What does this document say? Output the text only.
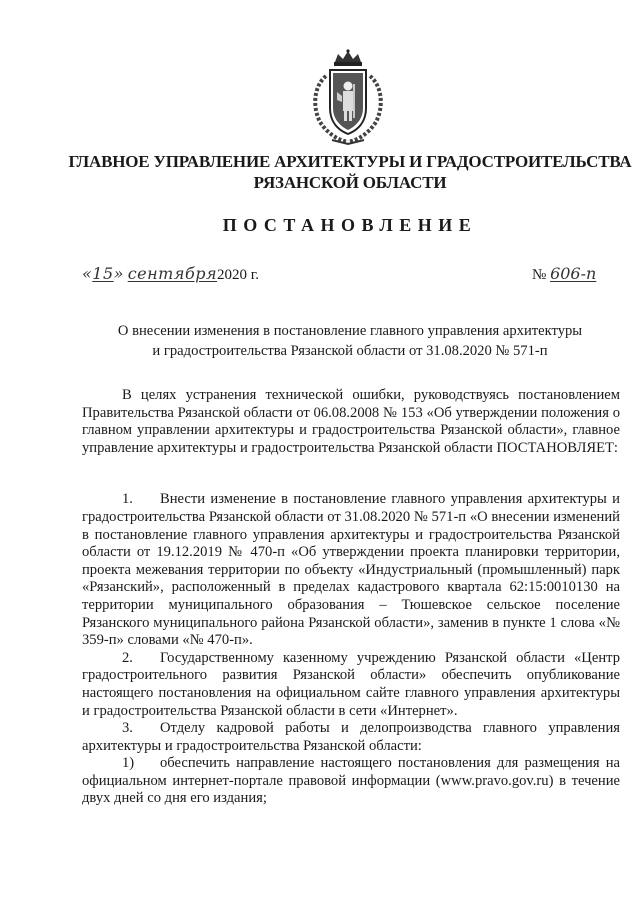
ГЛАВНОЕ УПРАВЛЕНИЕ АРХИТЕКТУРЫ И ГРАДОСТРОИТЕЛЬСТВА
РЯЗАНСКОЙ ОБЛАСТИ
ПОСТАНОВЛЕНИЕ
«15» сентября2020 г.	№ 606-п
О внесении изменения в постановление главного управления архитектуры
и градостроительства Рязанской области от 31.08.2020 № 571-п

В целях устранения технической ошибки, руководствуясь постановлением Правительства Рязанской области от 06.08.2008 № 153 «Об утверждении положения о главном управлении архитектуры и градостроительства Рязанской области», главное управление архитектуры и градостроительства Рязанской области ПОСТАНОВЛЯЕТ:

1. Внести изменение в постановление главного управления архитектуры и градостроительства Рязанской области от 31.08.2020 № 571-п «О внесении изменений в постановление главного управления архитектуры и градостроительства Рязанской области от 19.12.2019 № 470-п «Об утверждении проекта планировки территории, проекта межевания территории по объекту «Индустриальный (промышленный) парк «Рязанский», расположенный в пределах кадастрового квартала 62:15:0010130 на территории муниципального образования – Тюшевское сельское поселение Рязанского муниципального района Рязанской области», заменив в пункте 1 слова «№ 359-п» словами «№ 470-п».

2. Государственному казенному учреждению Рязанской области «Центр градостроительного развития Рязанской области» обеспечить опубликование настоящего постановления на официальном сайте главного управления архитектуры и градостроительства Рязанской области в сети «Интернет».

3. Отделу кадровой работы и делопроизводства главного управления архитектуры и градостроительства Рязанской области:

1) обеспечить направление настоящего постановления для размещения на официальном интернет-портале правовой информации (www.pravo.gov.ru) в течение двух дней со дня его издания;
